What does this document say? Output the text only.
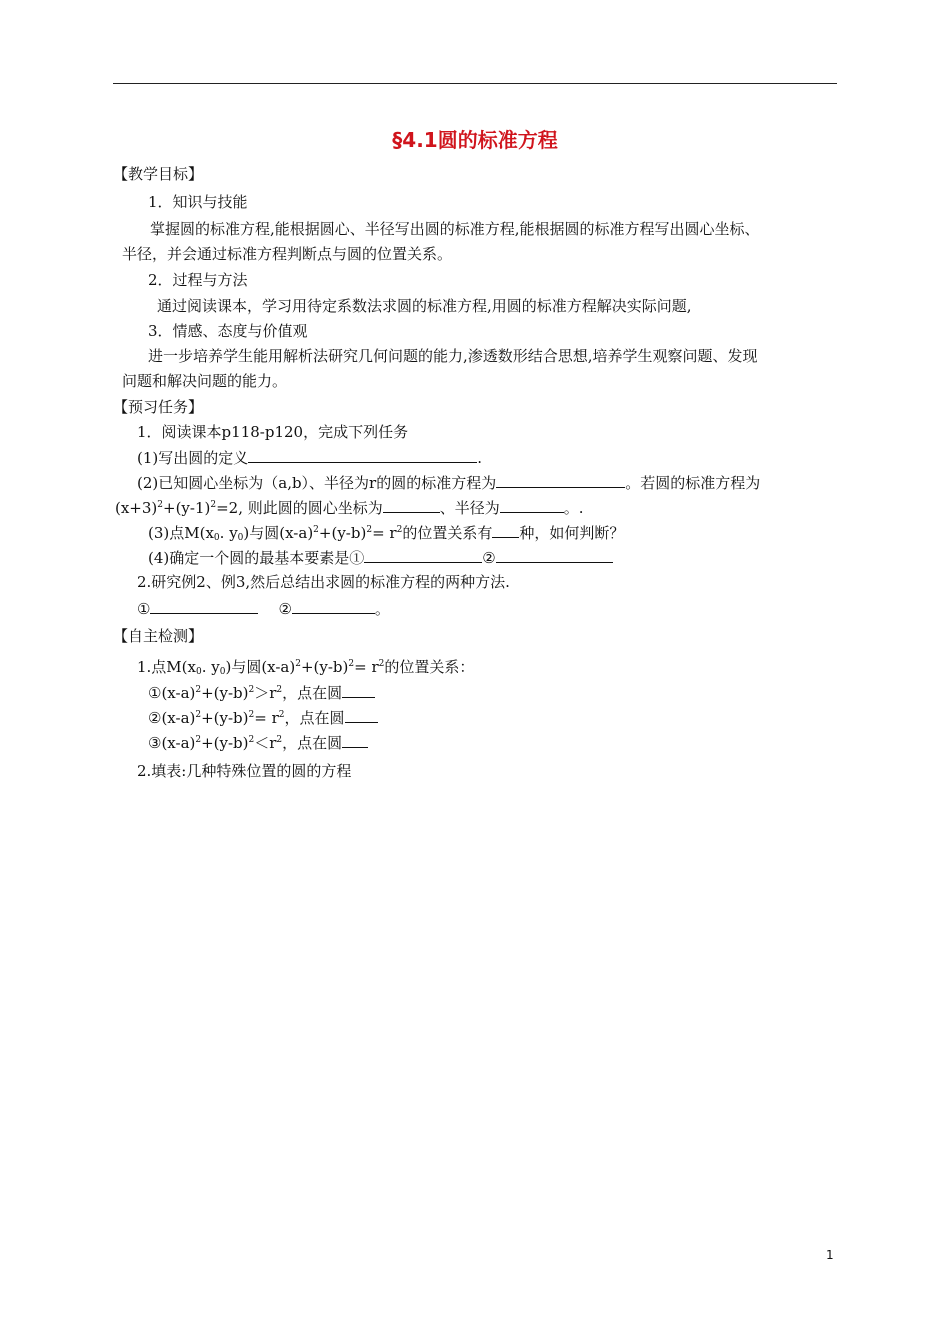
§4.1圆的标准方程
【教学目标】
1．知识与技能
掌握圆的标准方程,能根据圆心、半径写出圆的标准方程,能根据圆的标准方程写出圆心坐标、
半径，并会通过标准方程判断点与圆的位置关系。
2．过程与方法
通过阅读课本，学习用待定系数法求圆的标准方程,用圆的标准方程解决实际问题,
3．情感、态度与价值观
进一步培养学生能用解析法研究几何问题的能力,渗透数形结合思想,培养学生观察问题、发现
问题和解决问题的能力。
【预习任务】
1．阅读课本p118-p120，完成下列任务
(1)写出圆的定义	.
(2)已知圆心坐标为（a,b）、半径为r的圆的标准方程为	。若圆的标准方程为
$(x+3)^2+(y-1)^2=2$, 则此圆的圆心坐标为	、半径为	。.
(3)点$M(x_0$. $y_0$)与圆$(x-a)^2+(y-b)^2= r^2$的位置关系有 种，如何判断？
(4)确定一个圆的最基本要素是①	②
2.研究例2、例3,然后总结出求圆的标准方程的两种方法.
①	②	。
【自主检测】
1.点$M(x_0$. $y_0$)与圆$(x-a)^2+(y-b)^2= r^2$的位置关系：
$①(x-a)^2+(y-b)^2>r^2$，点在圆
$②(x-a)^2+(y-b)^2= r^2$，点在圆
$③(x-a)^2+(y-b)^2<r^2$，点在圆
2.填表:几种特殊位置的圆的方程
1
